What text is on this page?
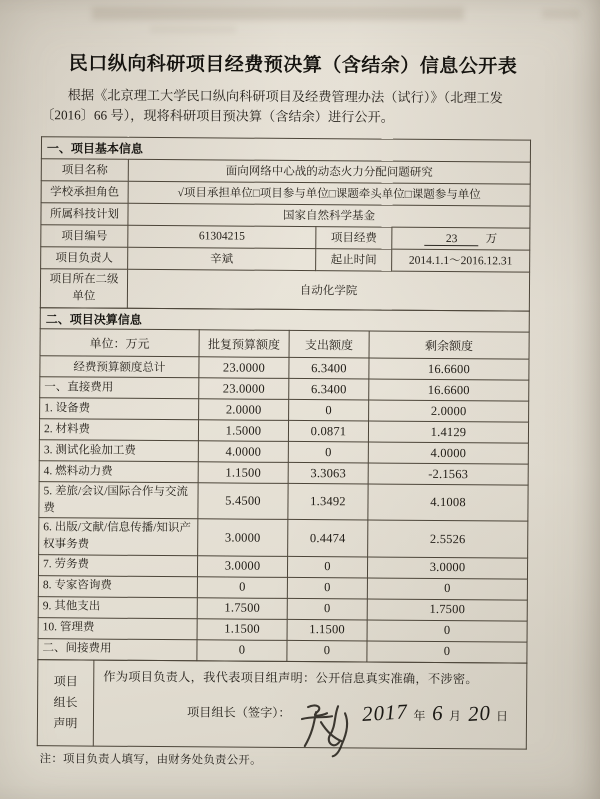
民口纵向科研项目经费预决算（含结余）信息公开表

根据《北京理工大学民口纵向科研项目及经费管理办法（试行）》（北理工发〔2016〕66 号），现将科研项目预决算（含结余）进行公开。

一、项目基本信息			
项目名称	面向网络中心战的动态火力分配问题研究		
学校承担角色	√项目承担单位□项目参与单位□课题牵头单位□课题参与单位		
所属科技计划	国家自然科学基金		
项目编号	61304215	项目经费	23 万
项目负责人	辛斌	起止时间	2014.1.1～2016.12.31
项目所在二级单位	自动化学院		
二、项目决算信息			
单位：万元	批复预算额度	支出额度	剩余额度
经费预算额度总计	23.0000	6.3400	16.6600
一、直接费用	23.0000	6.3400	16.6600
1. 设备费	2.0000	0	2.0000
2. 材料费	1.5000	0.0871	1.4129
3. 测试化验加工费	4.0000	0	4.0000
4. 燃料动力费	1.1500	3.3063	-2.1563
5. 差旅/会议/国际合作与交流费	5.4500	1.3492	4.1008
6. 出版/文献/信息传播/知识产权事务费	3.0000	0.4474	2.5526
7. 劳务费	3.0000	0	3.0000
8. 专家咨询费	0	0	0
9. 其他支出	1.7500	0	1.7500
10. 管理费	1.1500	1.1500	0
二、间接费用	0	0	0
项目
组长
声明	
作为项目负责人，我代表项目组声明：公开信息真实准确，不涉密。
项目组长（签字）：	2017 年 6 月 20 日
注：项目负责人填写，由财务处负责公开。
